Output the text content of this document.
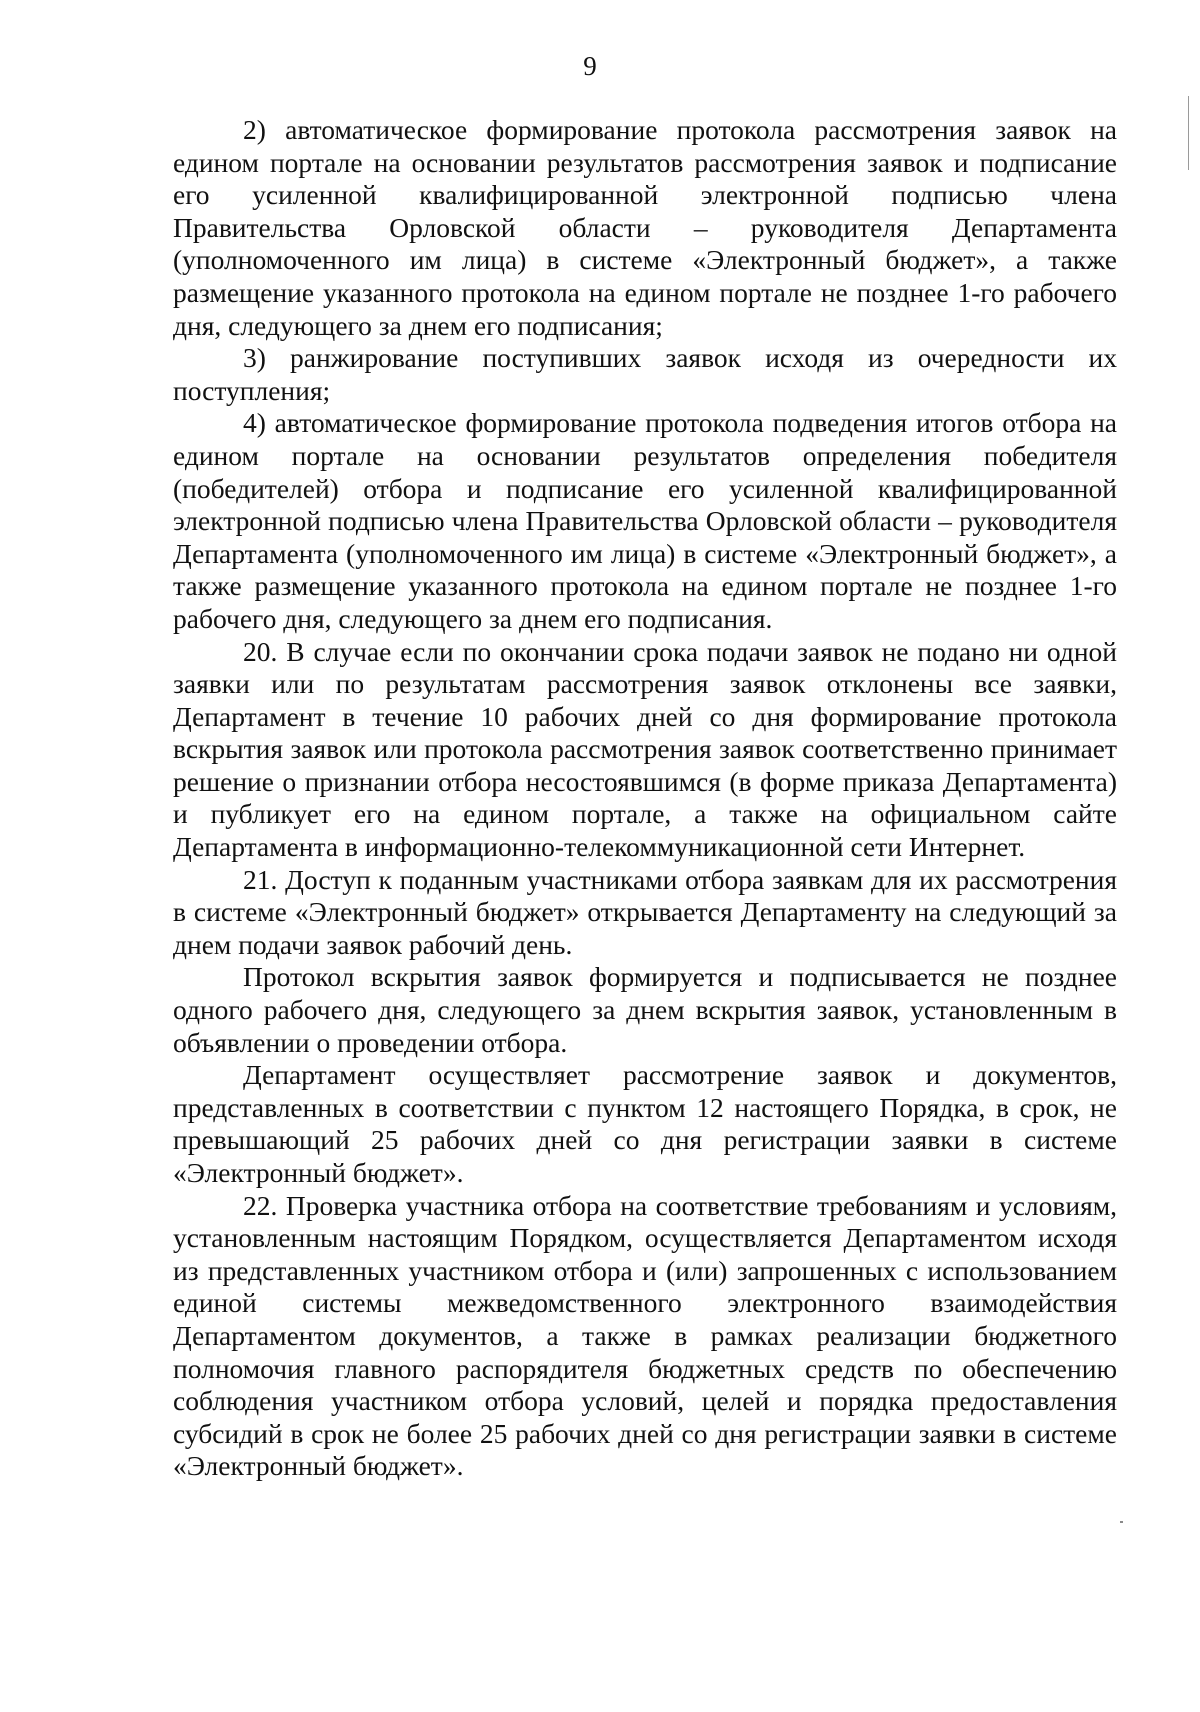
9

2) автоматическое формирование протокола рассмотрения заявок на едином портале на основании результатов рассмотрения заявок и подписание его усиленной квалифицированной электронной подписью члена Правительства Орловской области – руководителя Департамента (уполномоченного им лица) в системе «Электронный бюджет», а также размещение указанного протокола на едином портале не позднее 1-го рабочего дня, следующего за днем его подписания;

3) ранжирование поступивших заявок исходя из очередности их поступления;

4) автоматическое формирование протокола подведения итогов отбора на едином портале на основании результатов определения победителя (победителей) отбора и подписание его усиленной квалифицированной электронной подписью члена Правительства Орловской области – руководителя Департамента (уполномоченного им лица) в системе «Электронный бюджет», а также размещение указанного протокола на едином портале не позднее 1-го рабочего дня, следующего за днем его подписания.

20. В случае если по окончании срока подачи заявок не подано ни одной заявки или по результатам рассмотрения заявок отклонены все заявки, Департамент в течение 10 рабочих дней со дня формирование протокола вскрытия заявок или протокола рассмотрения заявок соответственно принимает решение о признании отбора несостоявшимся (в форме приказа Департамента) и публикует его на едином портале, а также на официальном сайте Департамента в информационно-телекоммуникационной сети Интернет.

21. Доступ к поданным участниками отбора заявкам для их рассмотрения в системе «Электронный бюджет» открывается Департаменту на следующий за днем подачи заявок рабочий день.

Протокол вскрытия заявок формируется и подписывается не позднее одного рабочего дня, следующего за днем вскрытия заявок, установленным в объявлении о проведении отбора.

Департамент осуществляет рассмотрение заявок и документов, представленных в соответствии с пунктом 12 настоящего Порядка, в срок, не превышающий 25 рабочих дней со дня регистрации заявки в системе «Электронный бюджет».

22. Проверка участника отбора на соответствие требованиям и условиям, установленным настоящим Порядком, осуществляется Департаментом исходя из представленных участником отбора и (или) запрошенных с использованием единой системы межведомственного электронного взаимодействия Департаментом документов, а также в рамках реализации бюджетного полномочия главного распорядителя бюджетных средств по обеспечению соблюдения участником отбора условий, целей и порядка предоставления субсидий в срок не более 25 рабочих дней со дня регистрации заявки в системе «Электронный бюджет».
